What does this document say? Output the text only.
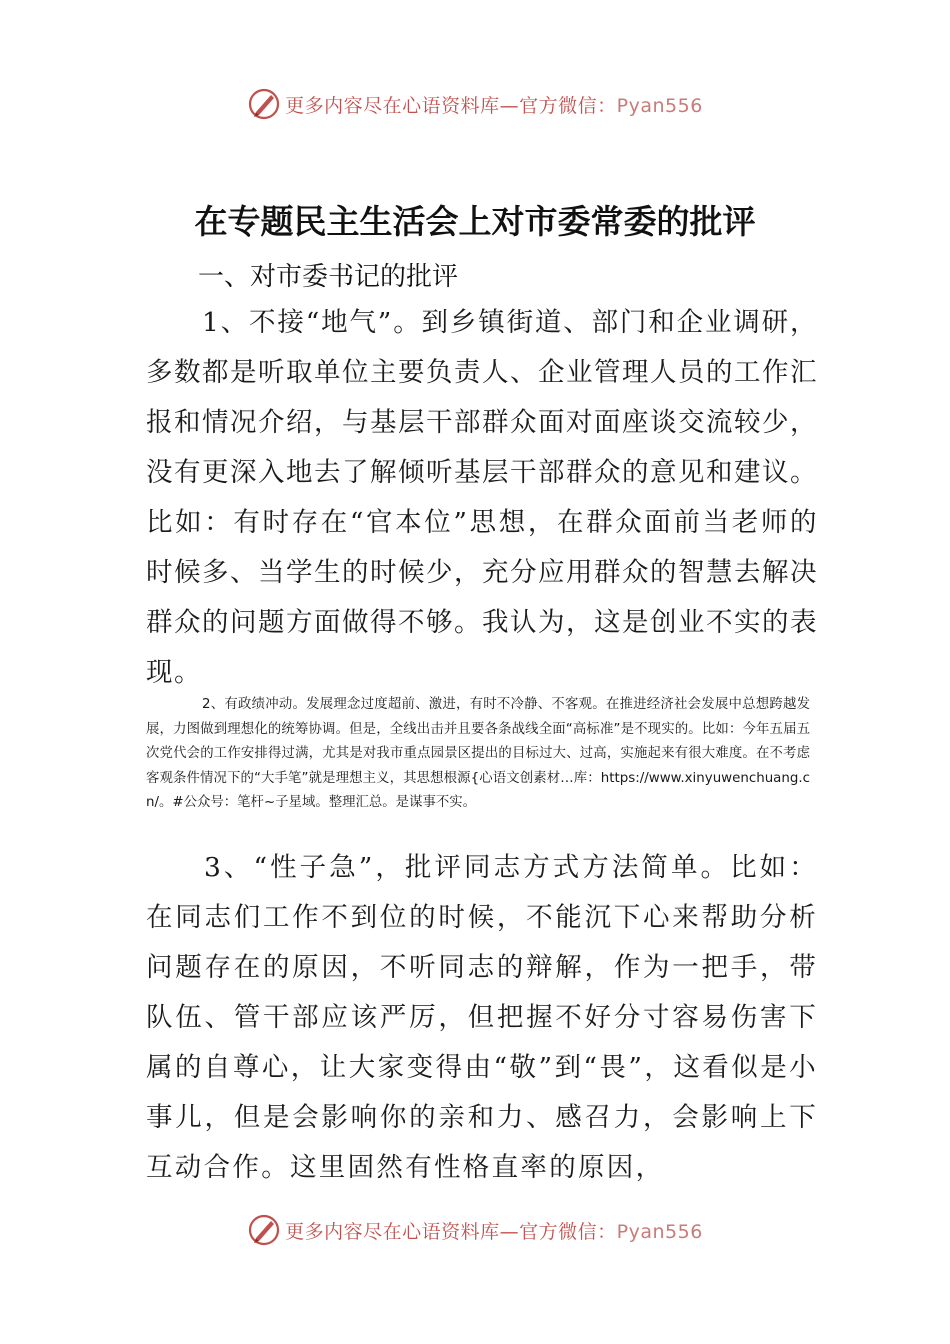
更多内容尽在心语资料库—官方微信：Pyan556
在专题民主生活会上对市委常委的批评
一、对市委书记的批评
1、不接“地气”。到乡镇街道、部门和企业调研，多数都是听取单位主要负责人、企业管理人员的工作汇报和情况介绍，与基层干部群众面对面座谈交流较少，没有更深入地去了解倾听基层干部群众的意见和建议。比如：有时存在“官本位”思想，在群众面前当老师的时候多、当学生的时候少，充分应用群众的智慧去解决群众的问题方面做得不够。我认为，这是创业不实的表现。
2、有政绩冲动。发展理念过度超前、激进，有时不冷静、不客观。在推进经济社会发展中总想跨越发展，力图做到理想化的统筹协调。但是，全线出击并且要各条战线全面“高标准”是不现实的。比如：今年五届五次党代会的工作安排得过满，尤其是对我市重点园景区提出的目标过大、过高，实施起来有很大难度。在不考虑客观条件情况下的“大手笔”就是理想主义，其思想根源{心语文创素材…库：https://www.xinyuwenchuang.cn/。#公众号：笔杆~子星域。整理汇总。是谋事不实。
3、“性子急”，批评同志方式方法简单。比如：在同志们工作不到位的时候，不能沉下心来帮助分析问题存在的原因，不听同志的辩解，作为一把手，带队伍、管干部应该严厉，但把握不好分寸容易伤害下属的自尊心，让大家变得由“敬”到“畏”，这看似是小事儿，但是会影响你的亲和力、感召力，会影响上下互动合作。这里固然有性格直率的原因，
更多内容尽在心语资料库—官方微信：Pyan556
